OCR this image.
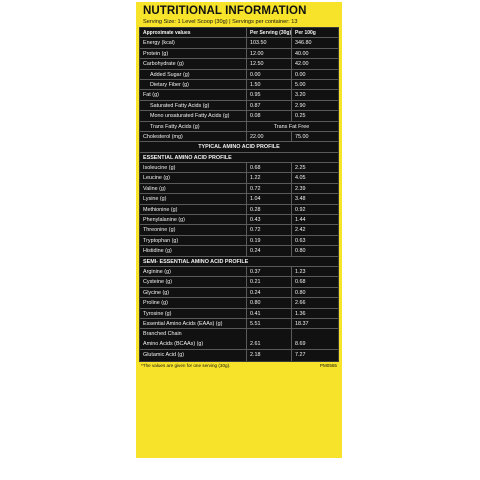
NUTRITIONAL INFORMATION
Serving Size: 1 Level Scoop (30g) | Servings per container: 13
Approximate values	Per Serving (30g) Per 100g
Energy (kcal)	103.50	346.80
Protein (g)	12.00	40.00
Carbohydrate (g)	12.50	42.00
Added Sugar (g)	0.00	0.00
Dietary Fiber (g)	1.50	5.00
Fat (g)	0.95	3.20
Saturated Fatty Acids (g)	0.87	2.90
Mono unsaturated Fatty Acids (g)	0.08	0.25
Trans Fatty Acids (g)	Trans Fat Free
Cholesterol (mg)	22.00	75.00
TYPICAL AMINO ACID PROFILE
ESSENTIAL AMINO ACID PROFILE
Isoleucine (g)	0.68	2.25
Leucine (g)	1.22	4.05
Valine (g)	0.72	2.39
Lysine (g)	1.04	3.48
Methionine (g)	0.28	0.92
Phenylalanine (g)	0.43	1.44
Threonine (g)	0.72	2.42
Tryptophan (g)	0.19	0.63
Histidine (g)	0.24	0.80
SEMI- ESSENTIAL AMINO ACID PROFILE
Arginine (g)	0.37	1.23
Cysteine (g)	0.21	0.68
Glycine (g)	0.24	0.80
Proline (g)	0.80	2.66
Tyrosine (g)	0.41	1.36
Essential Amino Acids (EAAs) (g)	5.51	18.37
Branched Chain
Amino Acids (BCAAs) (g)	2.61	8.69
Glutamic Acid (g)	2.18	7.27
*The values are given for one serving (30g).	PM0565
